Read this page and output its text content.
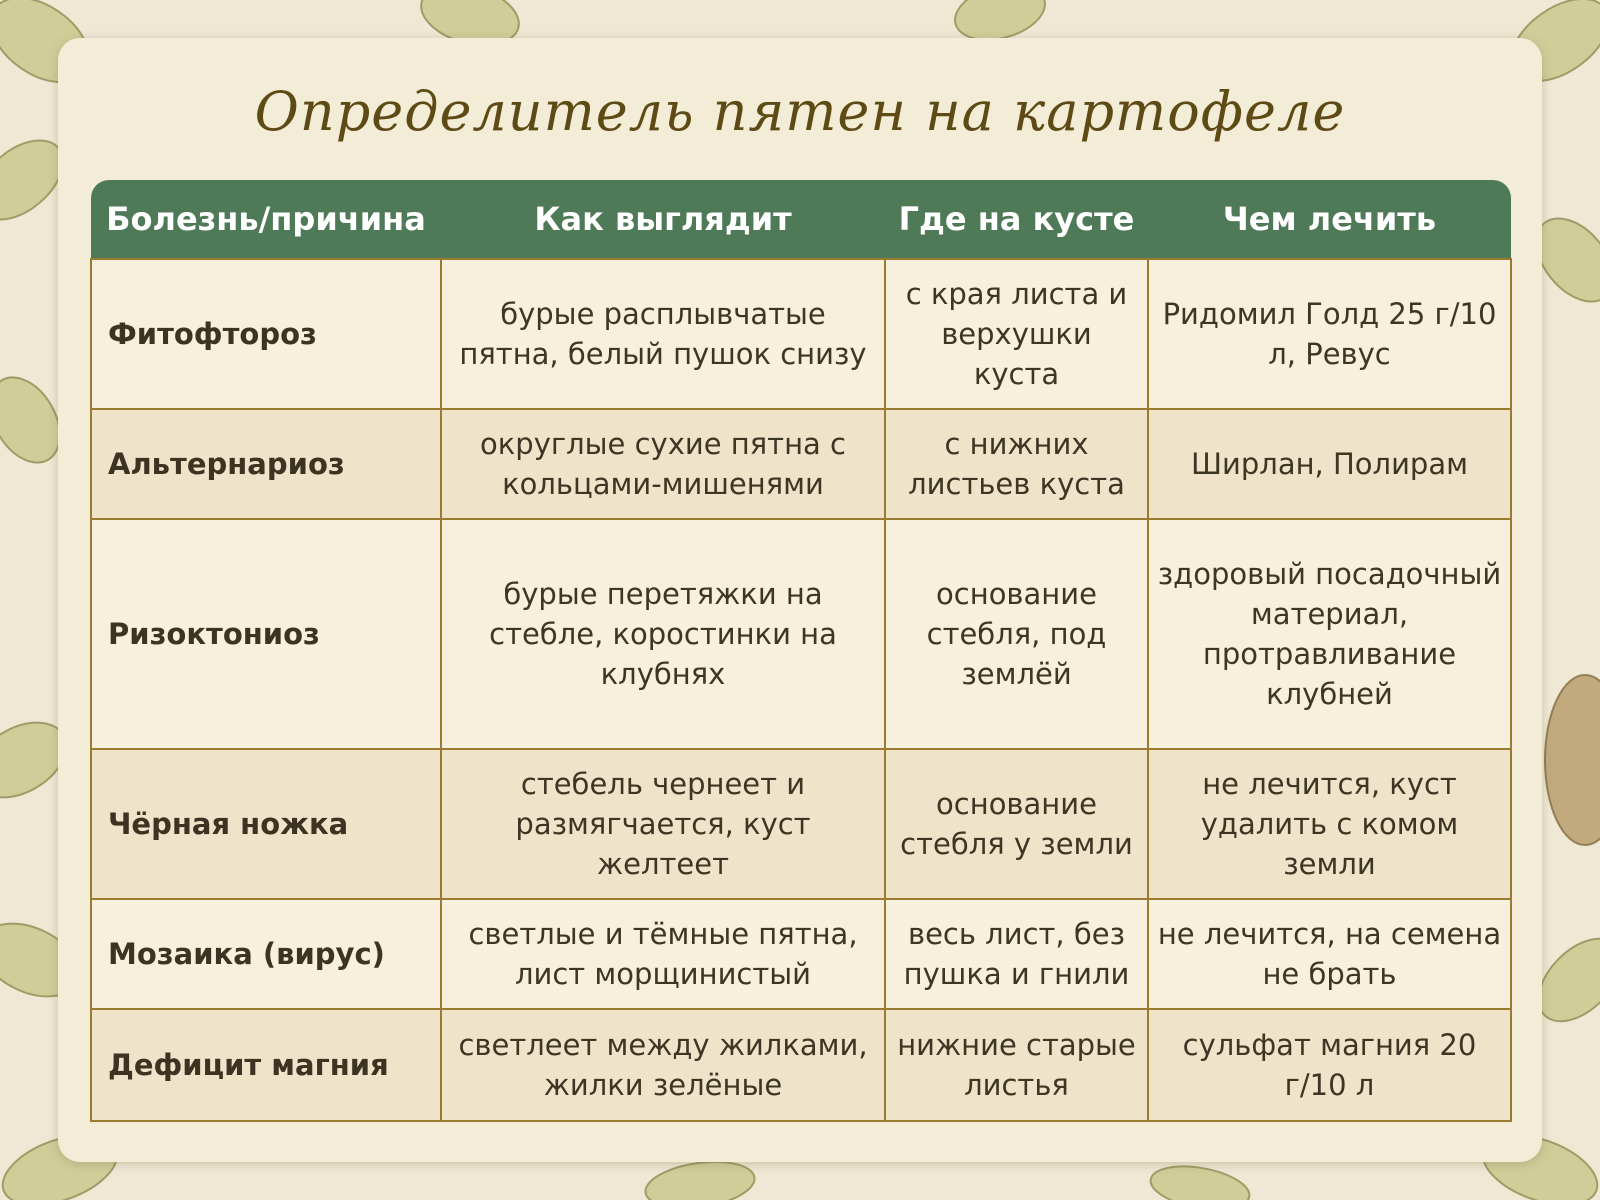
Определитель пятен на картофеле
Болезнь/причина	Как выглядит	Где на кусте	Чем лечить
Фитофтороз	бурые расплывчатые пятна, белый пушок снизу	с края листа и верхушки куста	Ридомил Голд 25 г/10 л, Ревус
Альтернариоз	округлые сухие пятна с кольцами-мишенями	с нижних листьев куста	Ширлан, Полирам
Ризоктониоз	бурые перетяжки на стебле, коростинки на клубнях	основание стебля, под землёй	здоровый посадочный материал, протравливание клубней
Чёрная ножка	стебель чернеет и размягчается, куст желтеет	основание стебля у земли	не лечится, куст удалить с комом земли
Мозаика (вирус)	светлые и тёмные пятна, лист морщинистый	весь лист, без пушка и гнили	не лечится, на семена не брать
Дефицит магния	светлеет между жилками, жилки зелёные	нижние старые листья	сульфат магния 20 г/10 л
